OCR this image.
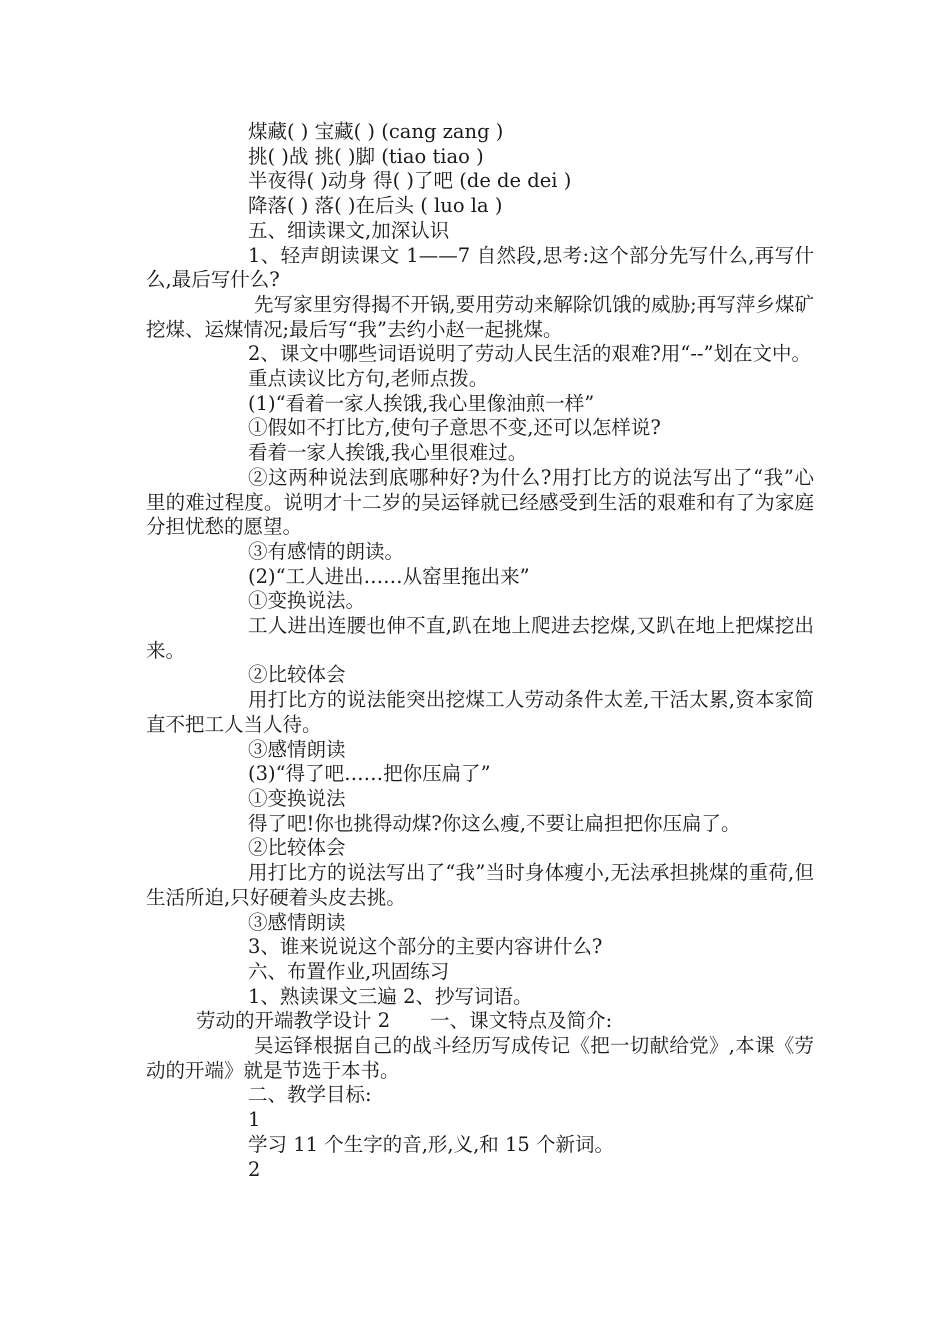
煤藏( ) 宝藏( ) (cang zang )

挑( )战 挑( )脚 (tiao tiao )

半夜得( )动身 得( )了吧 (de de dei )

降落( ) 落( )在后头 ( luo la )

五、细读课文,加深认识

1、轻声朗读课文 1——7 自然段,思考:这个部分先写什么,再写什么,最后写什么?

先写家里穷得揭不开锅,要用劳动来解除饥饿的威胁;再写萍乡煤矿挖煤、运煤情况;最后写“我”去约小赵一起挑煤。

2、课文中哪些词语说明了劳动人民生活的艰难?用“--”划在文中。

重点读议比方句,老师点拨。

(1)“看着一家人挨饿,我心里像油煎一样”

①假如不打比方,使句子意思不变,还可以怎样说?

看着一家人挨饿,我心里很难过。

②这两种说法到底哪种好?为什么?用打比方的说法写出了“我”心里的难过程度。说明才十二岁的吴运铎就已经感受到生活的艰难和有了为家庭分担忧愁的愿望。

③有感情的朗读。

(2)“工人进出……从窑里拖出来”

①变换说法。

工人进出连腰也伸不直,趴在地上爬进去挖煤,又趴在地上把煤挖出来。

②比较体会

用打比方的说法能突出挖煤工人劳动条件太差,干活太累,资本家简直不把工人当人待。

③感情朗读

(3)“得了吧……把你压扁了”

①变换说法

得了吧!你也挑得动煤?你这么瘦,不要让扁担把你压扁了。

②比较体会

用打比方的说法写出了“我”当时身体瘦小,无法承担挑煤的重荷,但生活所迫,只好硬着头皮去挑。

③感情朗读

3、谁来说说这个部分的主要内容讲什么?

六、布置作业,巩固练习

1、熟读课文三遍 2、抄写词语。

劳动的开端教学设计 2 一、课文特点及简介:

吴运铎根据自己的战斗经历写成传记《把一切献给党》,本课《劳动的开端》就是节选于本书。

二、教学目标:

1

学习 11 个生字的音,形,义,和 15 个新词。

2
